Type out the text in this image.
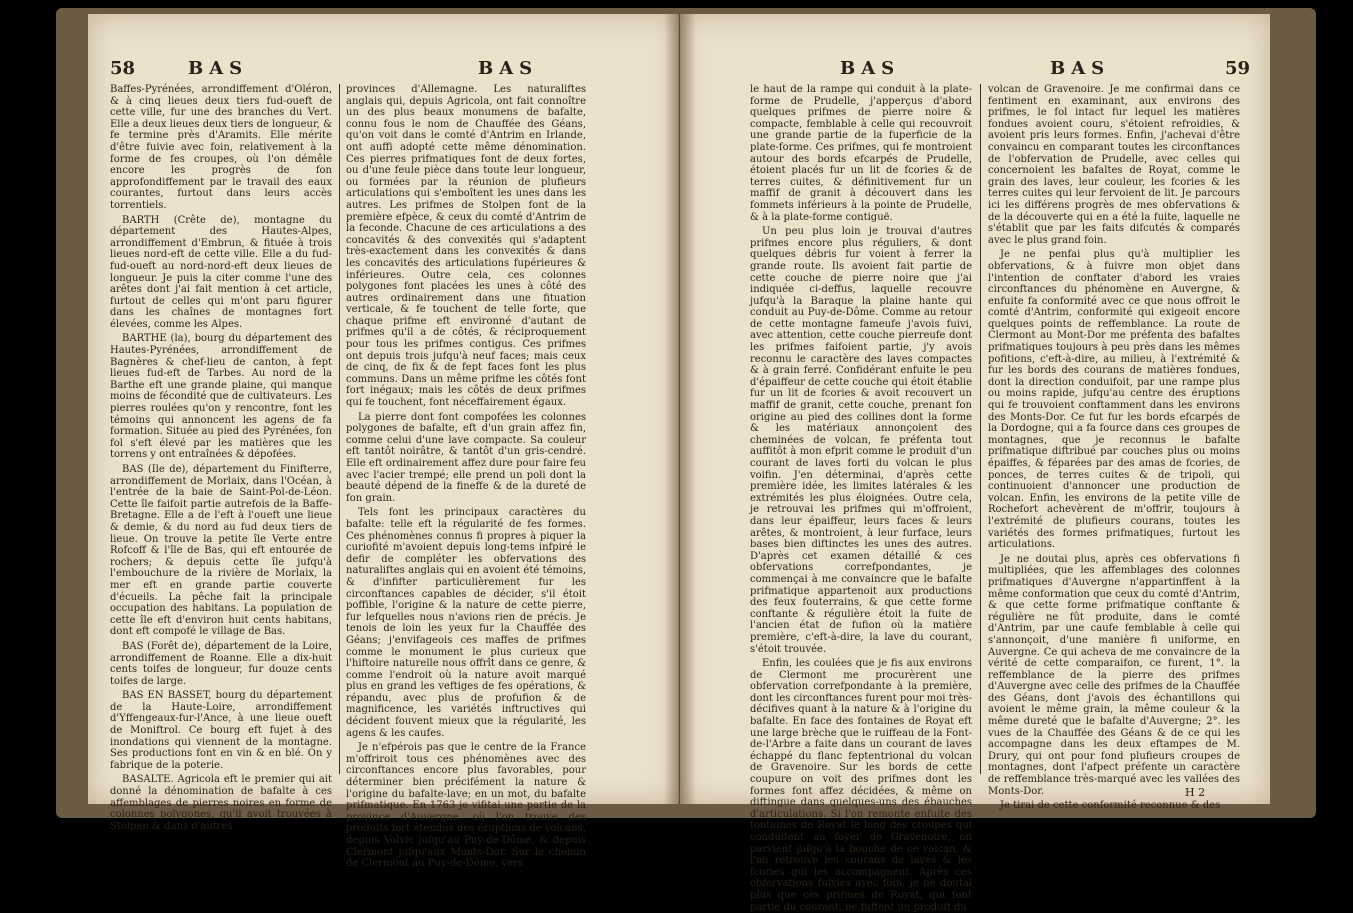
58	BAS	BAS

Baffes-Pyrénées, arrondiffement d'Oléron, & à cinq lieues deux tiers fud-oueft de cette ville, fur une des branches du Vert. Elle a deux lieues deux tiers de longueur, & fe termine près d'Aramits. Elle mérite d'être fuivie avec foin, relativement à la forme de fes croupes, où l'on démêle encore les progrès de fon approfondiffement par le travail des eaux courantes, furtout dans leurs accès torrentiels.

BARTH (Crête de), montagne du département des Hautes-Alpes, arrondiffement d'Embrun, & fituée à trois lieues nord-eft de cette ville. Elle a du fud-fud-oueft au nord-nord-eft deux lieues de longueur. Je puis la citer comme l'une des arêtes dont j'ai fait mention à cet article, furtout de celles qui m'ont paru figurer dans les chaînes de montagnes fort élevées, comme les Alpes.

BARTHE (la), bourg du département des Hautes-Pyrénées, arrondiffement de Bagnères & chef-lieu de canton, à fept lieues fud-eft de Tarbes. Au nord de la Barthe eft une grande plaine, qui manque moins de fécondité que de cultivateurs. Les pierres roulées qu'on y rencontre, font les témoins qui annoncent les agens de fa formation. Située au pied des Pyrénées, fon fol s'eft élevé par les matières que les torrens y ont entraînées & dépofées.

BAS (Ile de), département du Finifterre, arrondiffement de Morlaix, dans l'Océan, à l'entrée de la baie de Saint-Pol-de-Léon. Cette île faifoit partie autrefois de la Baffe-Bretagne. Elle a de l'eft à l'oueft une lieue & demie, & du nord au fud deux tiers de lieue. On trouve la petite île Verte entre Rofcoff & l'île de Bas, qui eft entourée de rochers; & depuis cette île jufqu'à l'embouchure de la rivière de Morlaix, la mer eft en grande partie couverte d'écueils. La pêche fait la principale occupation des habitans. La population de cette île eft d'environ huit cents habitans, dont eft compofé le village de Bas.

BAS (Forêt de), département de la Loire, arrondiffement de Roanne. Elle a dix-huit cents toifes de longueur, fur douze cents toifes de large.

BAS EN BASSET, bourg du département de la Haute-Loire, arrondiffement d'Yffengeaux-fur-l'Ance, à une lieue oueft de Moniftrol. Ce bourg eft fujet à des inondations qui viennent de la montagne. Ses productions font en vin & en blé. On y fabrique de la poterie.

BASALTE. Agricola eft le premier qui ait donné la dénomination de bafalte à ces affemblages de pierres noires en forme de colonnes polygones, qu'il avoit trouvées à Stolpen & dans d'autres

provinces d'Allemagne. Les naturaliftes anglais qui, depuis Agricola, ont fait connoître un des plus beaux monumens de bafalte, connu fous le nom de Chauffée des Géans, qu'on voit dans le comté d'Antrim en Irlande, ont auffi adopté cette même dénomination. Ces pierres prifmatiques font de deux fortes, ou d'une feule pièce dans toute leur longueur, ou formées par la réunion de plufieurs articulations qui s'emboîtent les unes dans les autres. Les prifmes de Stolpen font de la première efpèce, & ceux du comté d'Antrim de la feconde. Chacune de ces articulations a des concavités & des convexités qui s'adaptent très-exactement dans les convexités & dans les concavités des articulations fupérieures & inférieures. Outre cela, ces colonnes polygones font placées les unes à côté des autres ordinairement dans une fituation verticale, & fe touchent de telle forte, que chaque prifme eft environné d'autant de prifmes qu'il a de côtés, & réciproquement pour tous les prifmes contigus. Ces prifmes ont depuis trois jufqu'à neuf faces; mais ceux de cinq, de fix & de fept faces font les plus communs. Dans un même prifme les côtés font fort inégaux; mais les côtés de deux prifmes qui fe touchent, font néceffairement égaux.

La pierre dont font compofées les colonnes polygones de bafalte, eft d'un grain affez fin, comme celui d'une lave compacte. Sa couleur eft tantôt noirâtre, & tantôt d'un gris-cendré. Elle eft ordinairement affez dure pour faire feu avec l'acier trempé; elle prend un poli dont la beauté dépend de la fineffe & de la dureté de fon grain.

Tels font les principaux caractères du bafalte: telle eft la régularité de fes formes. Ces phénomènes connus fi propres à piquer la curiofité m'avoient depuis long-tems infpiré le defir de compléter les obfervations des naturaliftes anglais qui en avoient été témoins, & d'infifter particulièrement fur les circonftances capables de décider, s'il étoit poffible, l'origine & la nature de cette pierre, fur lefquelles nous n'avions rien de précis. Je tenois de loin les yeux fur la Chauffée des Géans; j'envifageois ces maffes de prifmes comme le monument le plus curieux que l'hiftoire naturelle nous offrît dans ce genre, & comme l'endroit où la nature avoit marqué plus en grand les veftiges de fes opérations, & répandu, avec plus de profufion & de magnificence, les variétés inftructives qui décident fouvent mieux que la régularité, les agens & les caufes.

Je n'efpérois pas que le centre de la France m'offriroit tous ces phénomènes avec des circonftances encore plus favorables, pour déterminer bien précifément la nature & l'origine du bafalte-lave; en un mot, du bafalte prifmatique. En 1763 je vifitai une partie de la province d'Auvergne, où l'on trouve des produits fort étendus des éruptions de volcans, depuis Volvic jufqu'au Puy-de-Dôme, & depuis Clermont jufqu'aux Monts-Dor. Sur le chemin de Clermont au Puy-de-Dôme, vers

BAS	BAS	59

le haut de la rampe qui conduit à la plate-forme de Prudelle, j'apperçus d'abord quelques prifmes de pierre noire & compacte, femblable à celle qui recouvroit une grande partie de la fuperficie de la plate-forme. Ces prifmes, qui fe montroient autour des bords efcarpés de Prudelle, étoient placés fur un lit de fcories & de terres cuites, & définitivement fur un maffif de granit à découvert dans les fommets inférieurs à la pointe de Prudelle, & à la plate-forme contiguë.

Un peu plus loin je trouvai d'autres prifmes encore plus réguliers, & dont quelques débris fur voient à ferrer la grande route. Ils avoient fait partie de cette couche de pierre noire que j'ai indiquée ci-deffus, laquelle recouvre jufqu'à la Baraque la plaine hante qui conduit au Puy-de-Dôme. Comme au retour de cette montagne fameufe j'avois fuivi, avec attention, cette couche pierreufe dont les prifmes faifoient partie, j'y avois reconnu le caractère des laves compactes & à grain ferré. Confidérant enfuite le peu d'épaiffeur de cette couche qui étoit établie fur un lit de fcories & avoit recouvert un maffif de granit, cette couche, prenant fon origine au pied des collines dont la forme & les matériaux annonçoient des cheminées de volcan, fe préfenta tout auffitôt à mon efprit comme le produit d'un courant de laves forti du volcan le plus voifin. J'en déterminai, d'après cette première idée, les limites latérales & les extrémités les plus éloignées. Outre cela, je retrouvai les prifmes qui m'offroient, dans leur épaiffeur, leurs faces & leurs arêtes, & montroient, à leur furface, leurs bases bien diftinctes les unes des autres. D'après cet examen détaillé & ces obfervations correfpondantes, je commençai à me convaincre que le bafalte prifmatique appartenoit aux productions des feux fouterrains, & que cette forme conftante & régulière étoit la fuite de l'ancien état de fufion où la matière première, c'eft-à-dire, la lave du courant, s'étoit trouvée.

Enfin, les coulées que je fis aux environs de Clermont me procurèrent une obfervation correfpondante à la première, dont les circonftances furent pour moi très-décifives quant à la nature & à l'origine du bafalte. En face des fontaines de Royat eft une large brèche que le ruiffeau de la Font-de-l'Arbre a faite dans un courant de laves échappé du flanc feptentrional du volcan de Gravenoire. Sur les bords de cette coupure on voit des prifmes dont les formes font affez décidées, & même on diftingue dans quelques-uns des ébauches d'articulations. Si l'on remonte enfuite des fontaines de Royat le long des croupes qui conduifent au foyer de Gravenoire, on parvient jufqu'à la bouche de ce volcan, & l'on retrouve les courans de laves & les fcories qui les accompagnent. Après ces obfervations fuivies avec foin, je ne doutai plus que ces prifmes de Royat, qui font partie du courant, ne fuffent un produit du

volcan de Gravenoire. Je me confirmai dans ce fentiment en examinant, aux environs des prifmes, le fol intact fur lequel les matières fondues avoient couru, s'étoient refroidies, & avoient pris leurs formes. Enfin, j'achevai d'être convaincu en comparant toutes les circonftances de l'obfervation de Prudelle, avec celles qui concernoient les bafaltes de Royat, comme le grain des laves, leur couleur, les fcories & les terres cuites qui leur fervoient de lit. Je parcours ici les différens progrès de mes obfervations & de la découverte qui en a été la fuite, laquelle ne s'établit que par les faits difcutés & comparés avec le plus grand foin.

Je ne penfai plus qu'à multiplier les obfervations, & à fuivre mon objet dans l'intention de conftater d'abord les vraies circonftances du phénomène en Auvergne, & enfuite fa conformité avec ce que nous offroit le comté d'Antrim, conformité qui exigeoit encore quelques points de reffemblance. La route de Clermont au Mont-Dor me préfenta des bafaltes prifmatiques toujours à peu près dans les mêmes pofitions, c'eft-à-dire, au milieu, à l'extrémité & fur les bords des courans de matières fondues, dont la direction conduifoit, par une rampe plus ou moins rapide, jufqu'au centre des éruptions qui fe trouvoient conftamment dans les environs des Monts-Dor. Ce fut fur les bords efcarpés de la Dordogne, qui a fa fource dans ces groupes de montagnes, que je reconnus le bafalte prifmatique diftribué par couches plus ou moins épaiffes, & féparées par des amas de fcories, de ponces, de terres cuites & de tripoli, qui continuoient d'annoncer une production de volcan. Enfin, les environs de la petite ville de Rochefort achevèrent de m'offrir, toujours à l'extrémité de plufieurs courans, toutes les variétés des formes prifmatiques, furtout les articulations.

Je ne doutai plus, après ces obfervations fi multipliées, que les affemblages des colonnes prifmatiques d'Auvergne n'appartinffent à la même conformation que ceux du comté d'Antrim, & que cette forme prifmatique conftante & régulière ne fût produite, dans le comté d'Antrim, par une caufe femblable à celle qui s'annonçoit, d'une manière fi uniforme, en Auvergne. Ce qui acheva de me convaincre de la vérité de cette comparaifon, ce furent, 1°. la reffemblance de la pierre des prifmes d'Auvergne avec celle des prifmes de la Chauffée des Géans, dont j'avois des échantillons qui avoient le même grain, la même couleur & la même dureté que le bafalte d'Auvergne; 2°. les vues de la Chauffée des Géans & de ce qui les accompagne dans les deux eftampes de M. Drury, qui ont pour fond plufieurs croupes de montagnes, dont l'afpect préfente un caractère de reffemblance très-marqué avec les vallées des Monts-Dor.

Je tirai de cette conformité reconnue & des

H 2
